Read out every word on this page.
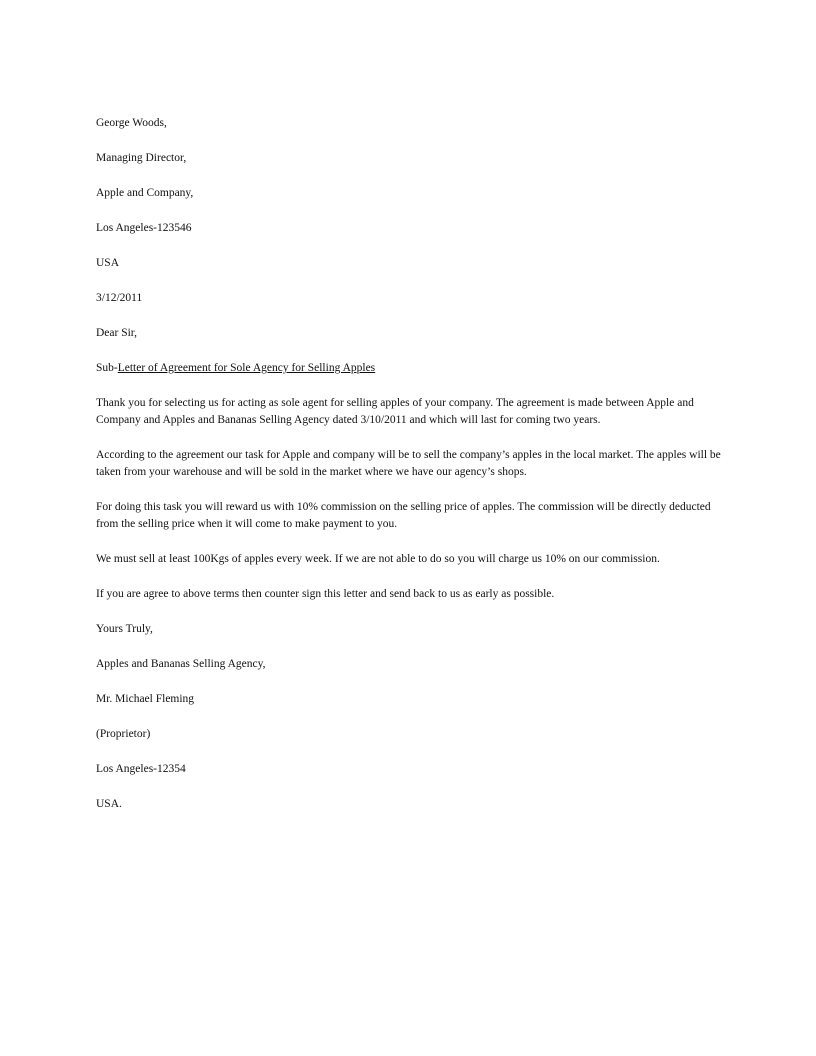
George Woods,
Managing Director,
Apple and Company,
Los Angeles-123546
USA
3/12/2011
Dear Sir,
Sub-Letter of Agreement for Sole Agency for Selling Apples
Thank you for selecting us for acting as sole agent for selling apples of your company. The agreement is made between Apple and Company and Apples and Bananas Selling Agency dated 3/10/2011 and which will last for coming two years.
According to the agreement our task for Apple and company will be to sell the company’s apples in the local market. The apples will be taken from your warehouse and will be sold in the market where we have our agency’s shops.
For doing this task you will reward us with 10% commission on the selling price of apples. The commission will be directly deducted from the selling price when it will come to make payment to you.
We must sell at least 100Kgs of apples every week. If we are not able to do so you will charge us 10% on our commission.
If you are agree to above terms then counter sign this letter and send back to us as early as possible.
Yours Truly,
Apples and Bananas Selling Agency,
Mr. Michael Fleming
(Proprietor)
Los Angeles-12354
USA.
